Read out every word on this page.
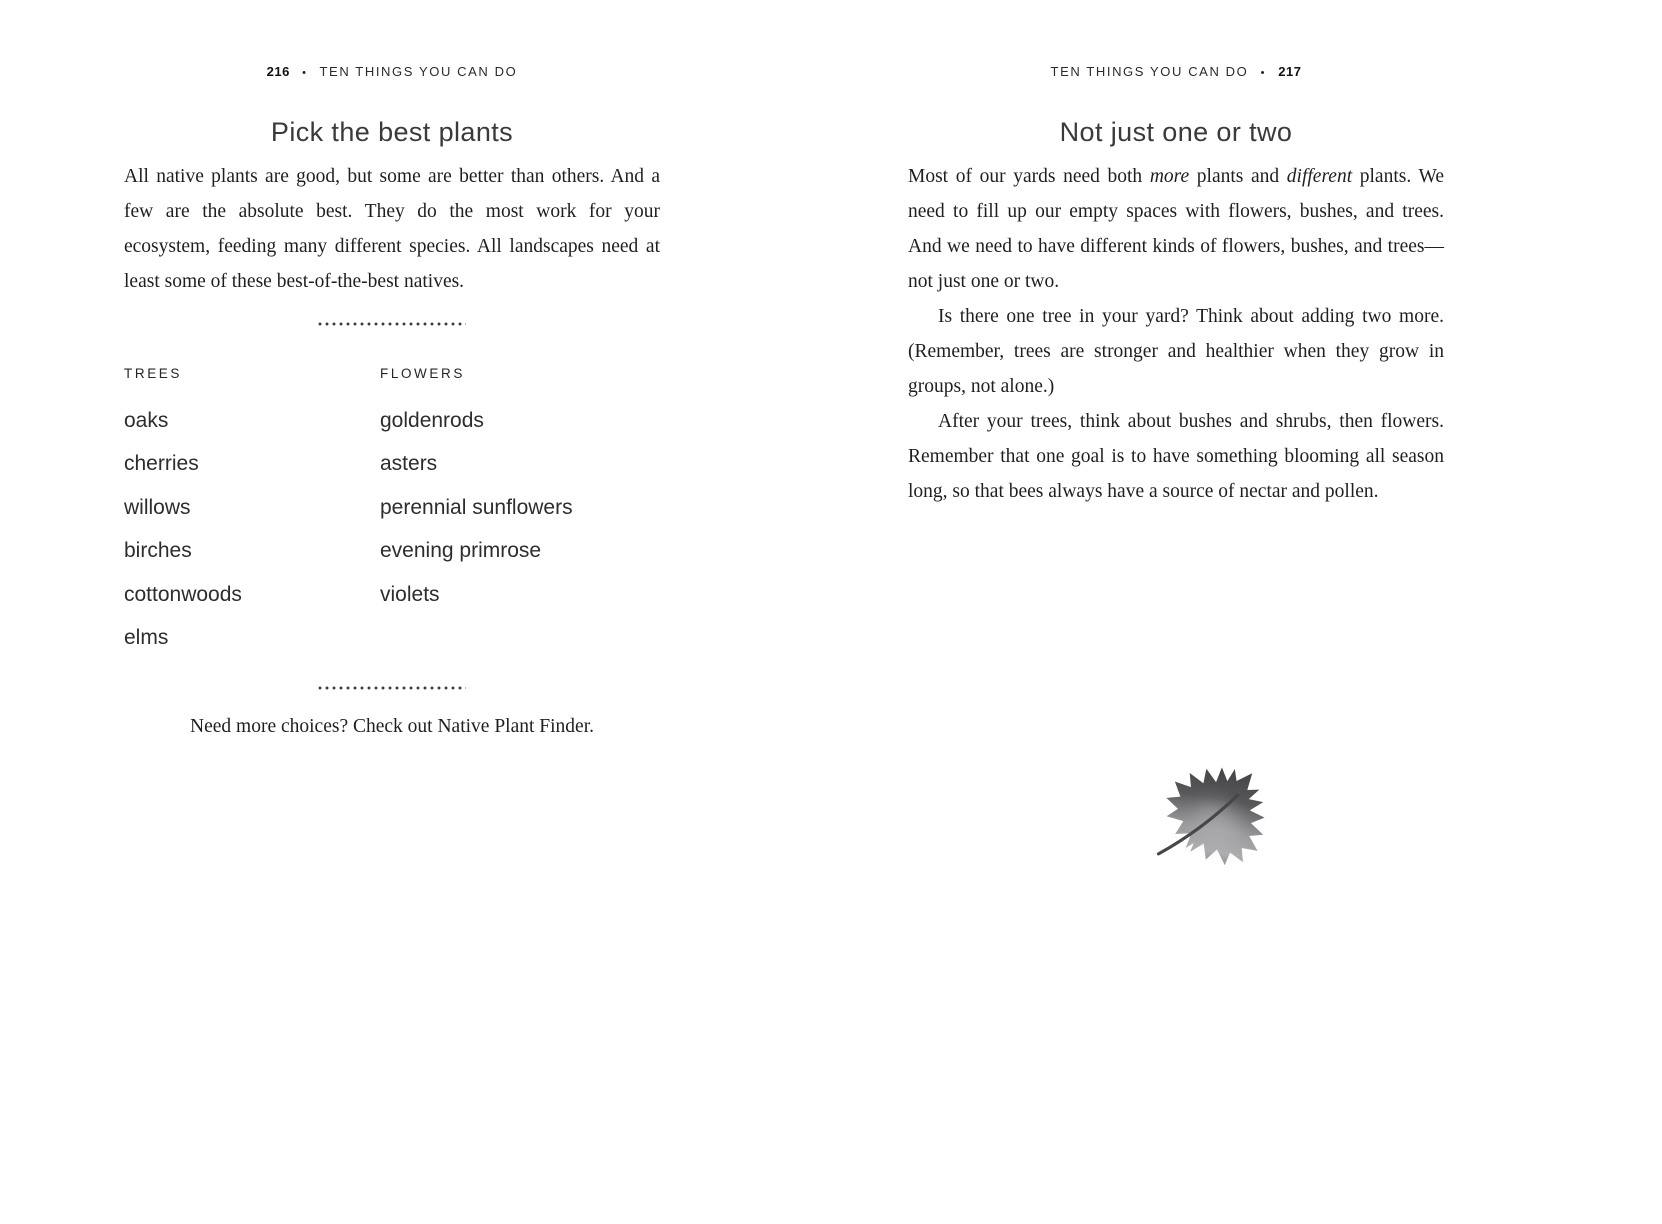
216 • TEN THINGS YOU CAN DO
Pick the best plants

All native plants are good, but some are better than others. And a few are the absolute best. They do the most work for your ecosystem, feeding many different species. All landscapes need at least some of these best-of-the-best natives.

TREES
oaks
cherries
willows
birches
cottonwoods
elms
FLOWERS
goldenrods
asters
perennial sunflowers
evening primrose
violets
Need more choices? Check out Native Plant Finder.
TEN THINGS YOU CAN DO • 217
Not just one or two

Most of our yards need both more plants and different plants. We need to fill up our empty spaces with flowers, bushes, and trees. And we need to have different kinds of flowers, bushes, and trees—not just one or two.

Is there one tree in your yard? Think about adding two more. (Remember, trees are stronger and healthier when they grow in groups, not alone.)

After your trees, think about bushes and shrubs, then flowers. Remember that one goal is to have something blooming all season long, so that bees always have a source of nectar and pollen.
